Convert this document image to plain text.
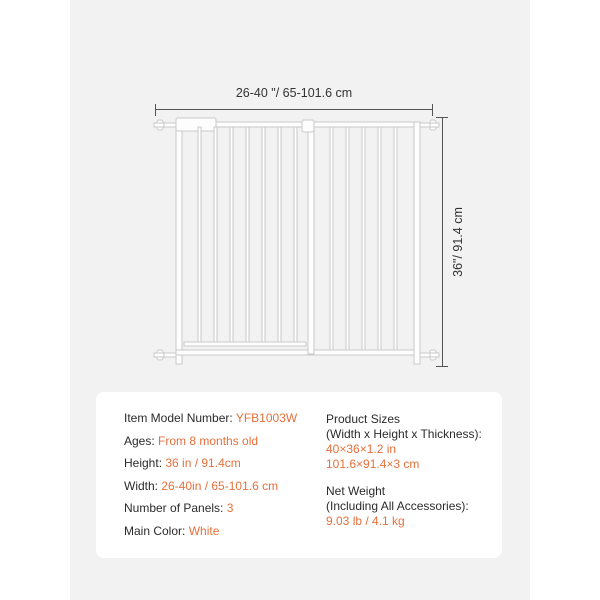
26-40 "/ 65-101.6 cm
36"/ 91.4 cm
Item Model Number: YFB1003W
Ages: From 8 months old
Height: 36 in / 91.4cm
Width: 26-40in / 65-101.6 cm
Number of Panels: 3
Main Color: White
Product Sizes
(Width x Height x Thickness):
40×36×1.2 in
101.6×91.4×3 cm
Net Weight
(Including All Accessories):
9.03 lb / 4.1 kg
